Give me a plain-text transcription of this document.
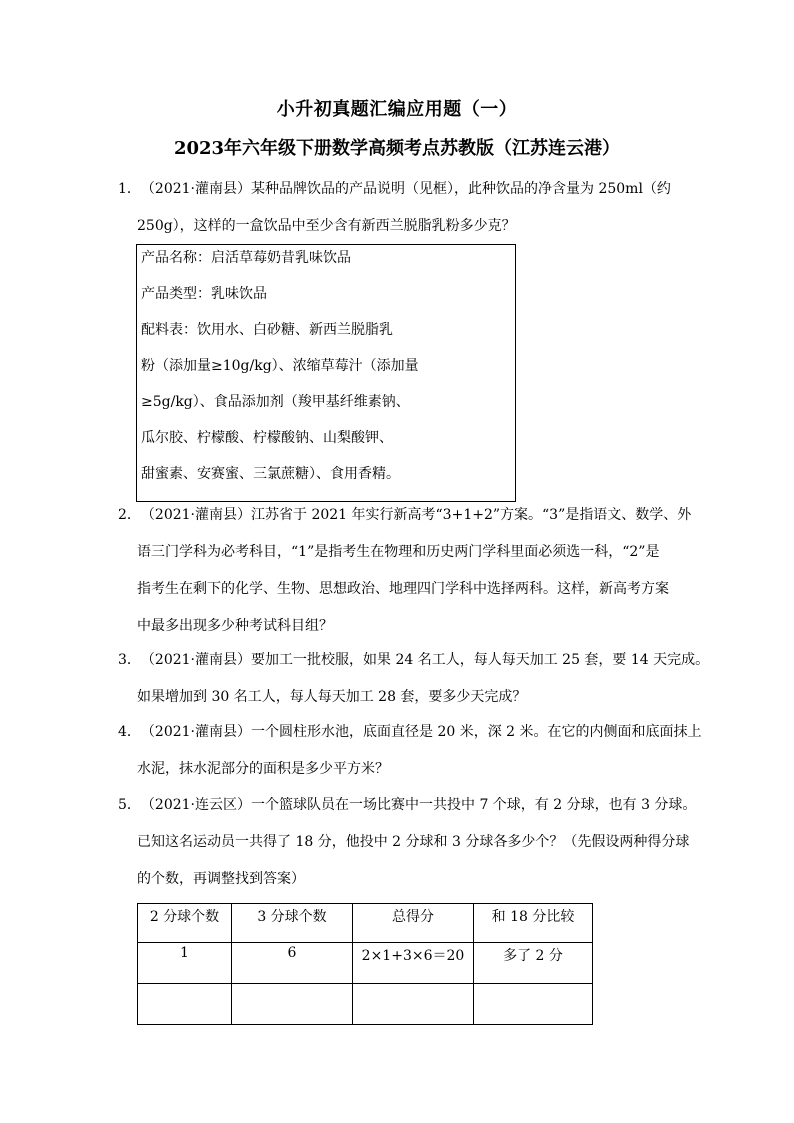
小升初真题汇编应用题（一）
2023年六年级下册数学高频考点苏教版（江苏连云港）
1．（2021·灌南县）某种品牌饮品的产品说明（见框），此种饮品的净含量为 250ml（约
250g），这样的一盒饮品中至少含有新西兰脱脂乳粉多少克？
产品名称：启活草莓奶昔乳味饮品
产品类型：乳味饮品
配料表：饮用水、白砂糖、新西兰脱脂乳
粉（添加量≥10g/kg）、浓缩草莓汁（添加量
≥5g/kg）、食品添加剂（羧甲基纤维素钠、
瓜尔胶、柠檬酸、柠檬酸钠、山梨酸钾、
甜蜜素、安赛蜜、三氯蔗糖）、食用香精。
2．（2021·灌南县）江苏省于 2021 年实行新高考“3+1+2”方案。“3”是指语文、数学、外
语三门学科为必考科目，“1”是指考生在物理和历史两门学科里面必须选一科，“2”是
指考生在剩下的化学、生物、思想政治、地理四门学科中选择两科。这样，新高考方案
中最多出现多少种考试科目组？
3．（2021·灌南县）要加工一批校服，如果 24 名工人，每人每天加工 25 套，要 14 天完成。
如果增加到 30 名工人，每人每天加工 28 套，要多少天完成？
4．（2021·灌南县）一个圆柱形水池，底面直径是 20 米，深 2 米。在它的内侧面和底面抹上
水泥，抹水泥部分的面积是多少平方米？
5．（2021·连云区）一个篮球队员在一场比赛中一共投中 7 个球，有 2 分球，也有 3 分球。
已知这名运动员一共得了 18 分，他投中 2 分球和 3 分球各多少个？（先假设两种得分球
的个数，再调整找到答案）
2 分球个数	3 分球个数	总得分	和 18 分比较
1	6	2×1+3×6＝20	多了 2 分
